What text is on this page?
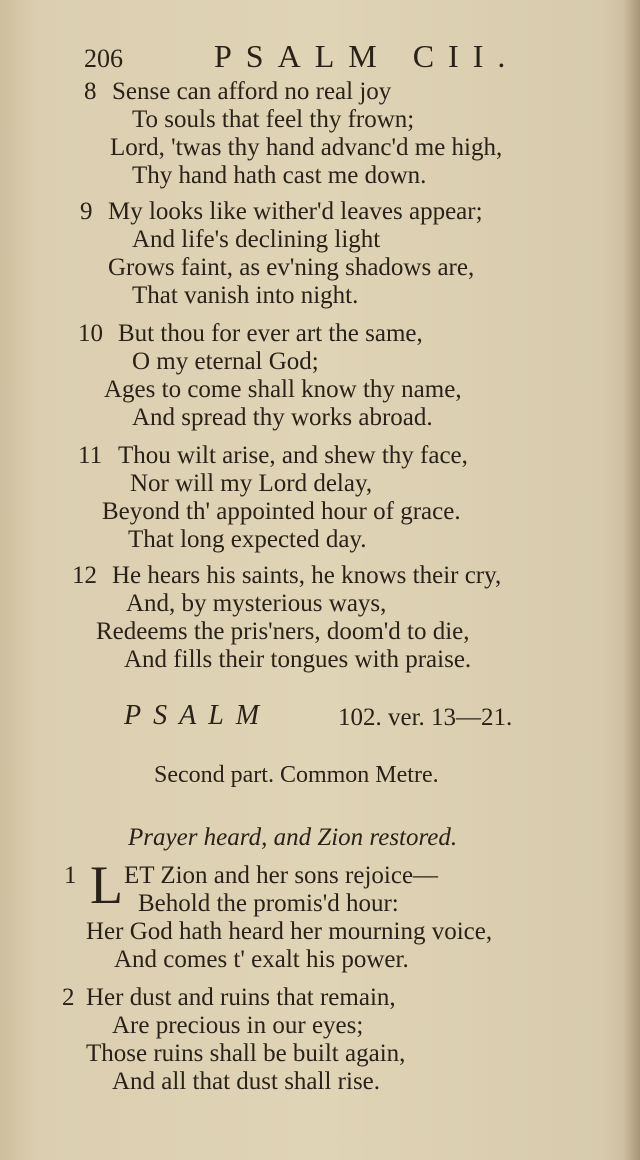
206	PSALM CII.
8 Sense can afford no real joy
To souls that feel thy frown;
Lord, 'twas thy hand advanc'd me high,
Thy hand hath cast me down.
9 My looks like wither'd leaves appear;
And life's declining light
Grows faint, as ev'ning shadows are,
That vanish into night.
10 But thou for ever art the same,
O my eternal God;
Ages to come shall know thy name,
And spread thy works abroad.
11 Thou wilt arise, and shew thy face,
Nor will my Lord delay,
Beyond th' appointed hour of grace.
That long expected day.
12 He hears his saints, he knows their cry,
And, by mysterious ways,
Redeems the pris'ners, doom'd to die,
And fills their tongues with praise.
PSALM	102. ver. 13—21.
Second part. Common Metre.
Prayer heard, and Zion restored.
1 L ET Zion and her sons rejoice—
Behold the promis'd hour:
Her God hath heard her mourning voice,
And comes t' exalt his power.
2 Her dust and ruins that remain,
Are precious in our eyes;
Those ruins shall be built again,
And all that dust shall rise.
